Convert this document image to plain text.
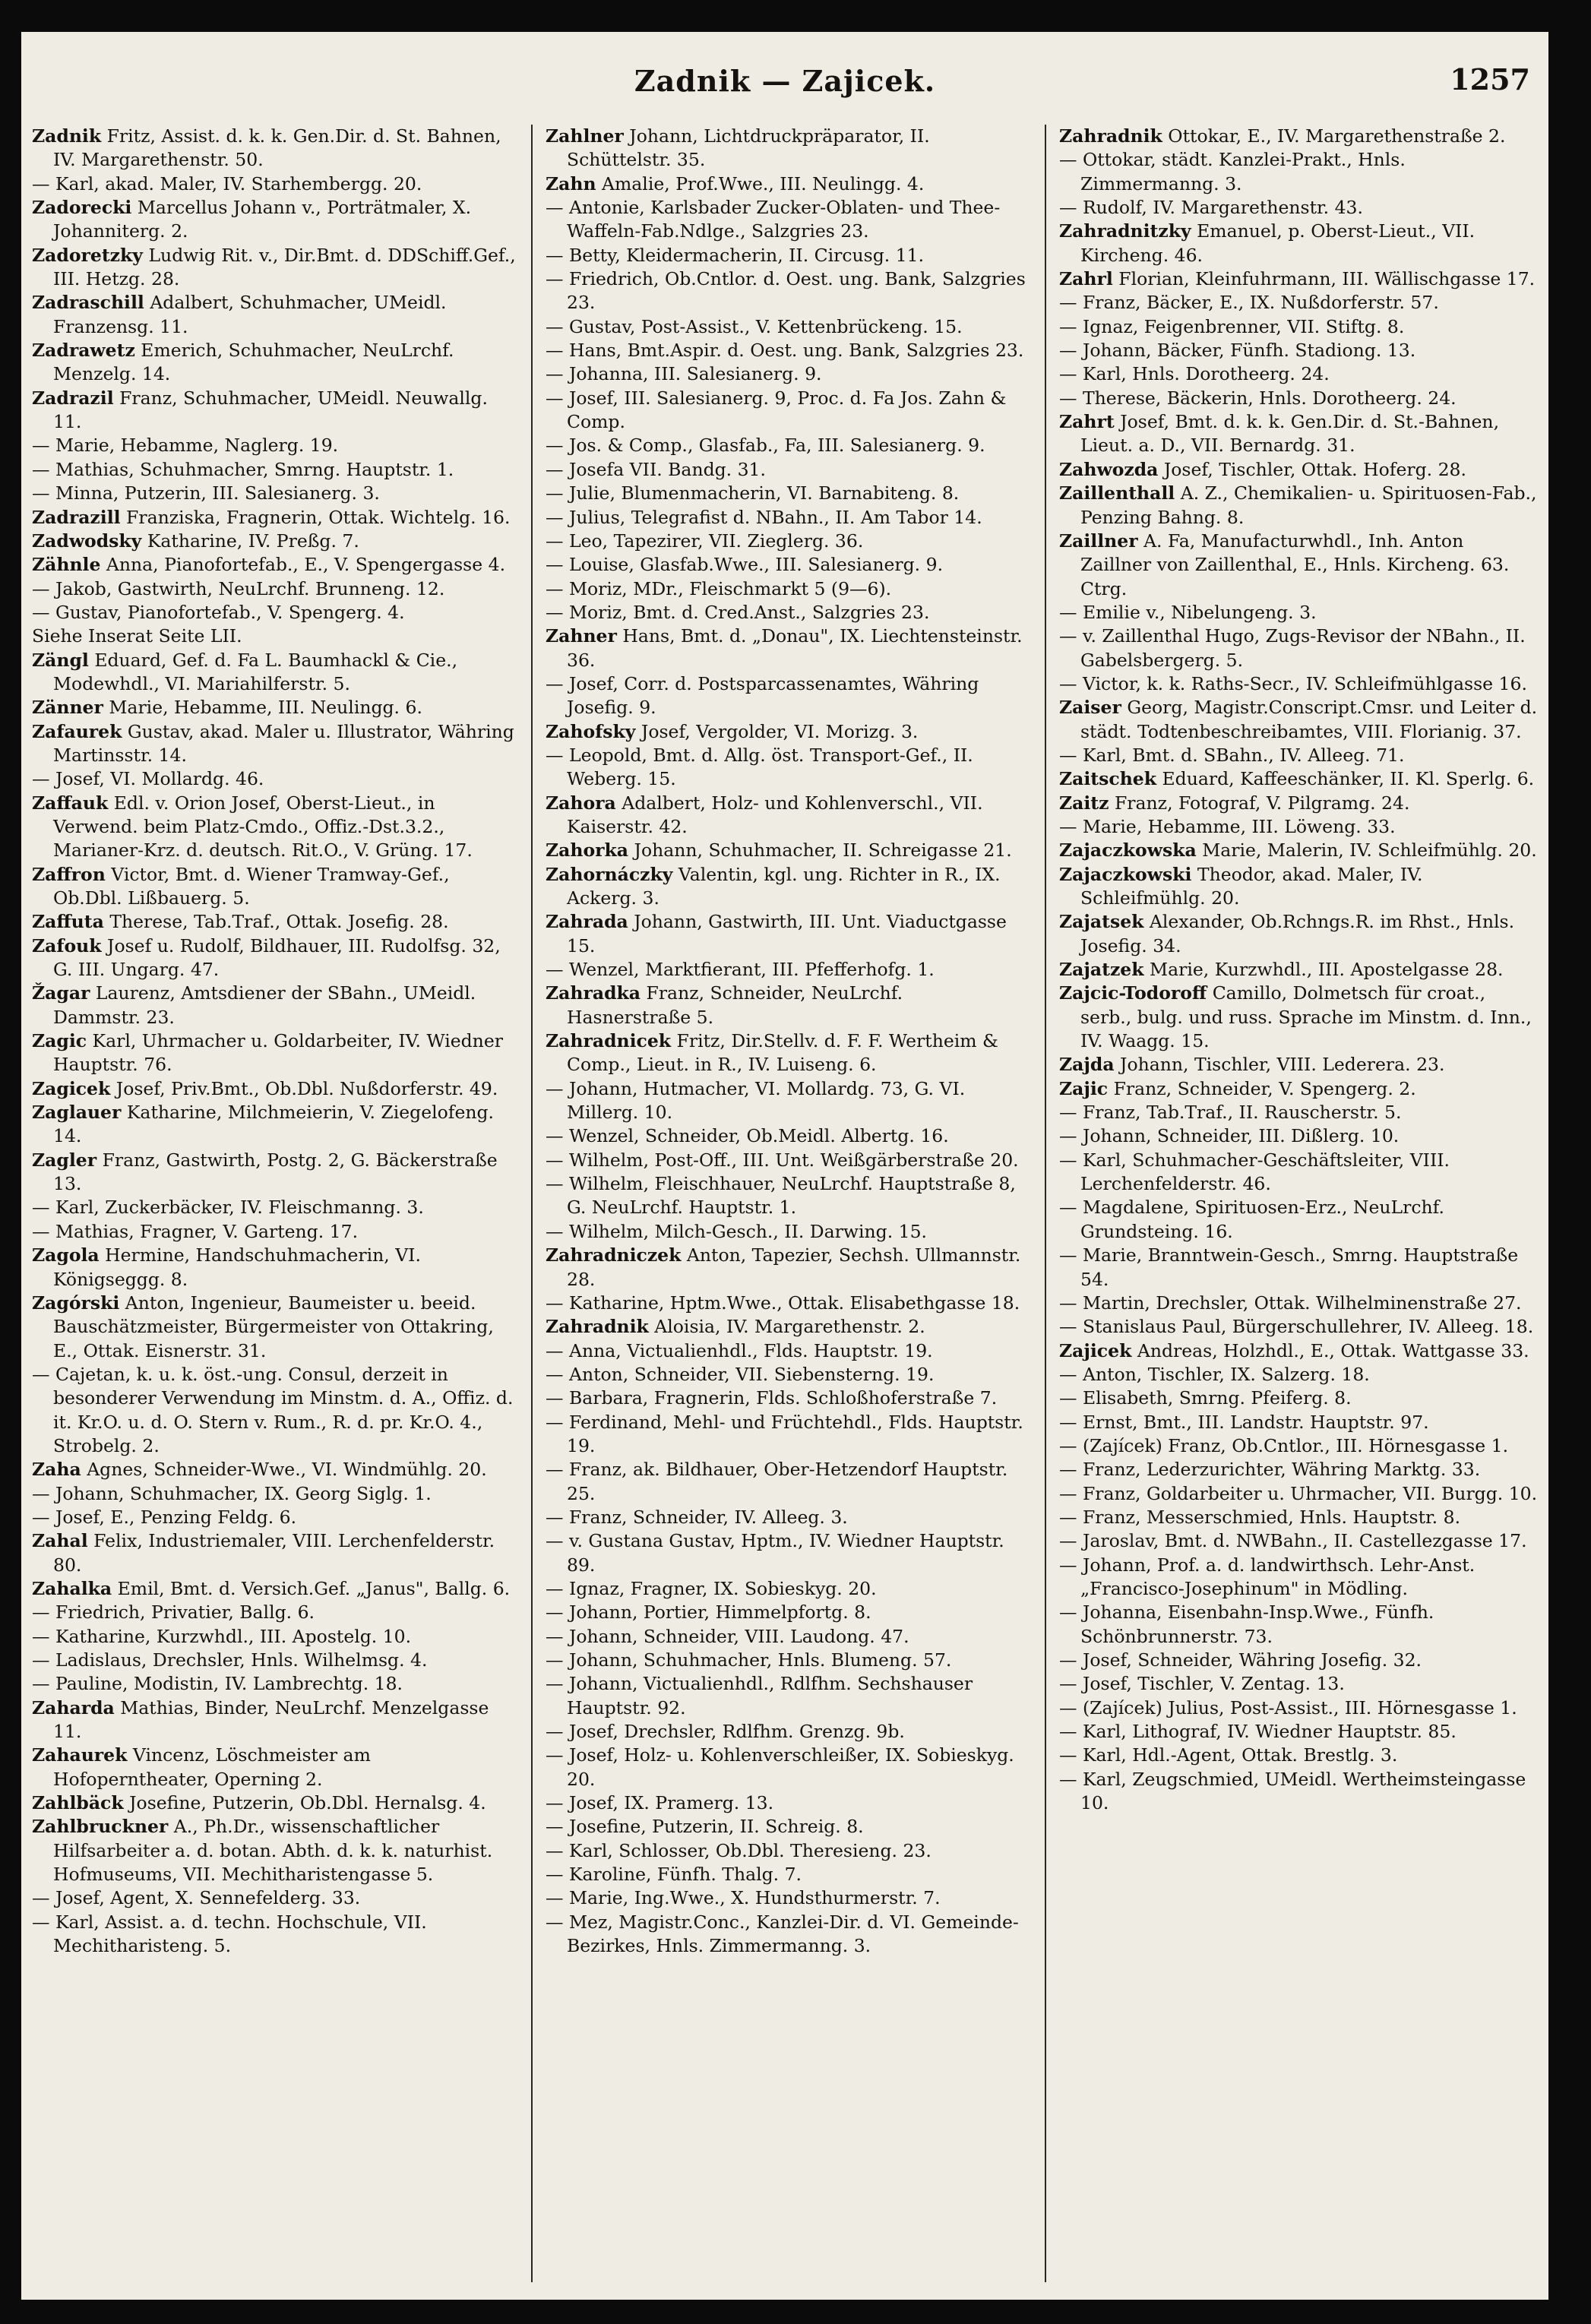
Zadnik — Zajicek.	1257

Zadnik Fritz, Assist. d. k. k. Gen.Dir. d. St. Bahnen, IV. Margarethenstr. 50.

— Karl, akad. Maler, IV. Starhembergg. 20.

Zadorecki Marcellus Johann v., Porträtmaler, X. Johanniterg. 2.

Zadoretzky Ludwig Rit. v., Dir.Bmt. d. DDSchiff.Gef., III. Hetzg. 28.

Zadraschill Adalbert, Schuhmacher, UMeidl. Franzensg. 11.

Zadrawetz Emerich, Schuhmacher, NeuLrchf. Menzelg. 14.

Zadrazil Franz, Schuhmacher, UMeidl. Neuwallg. 11.

— Marie, Hebamme, Naglerg. 19.

— Mathias, Schuhmacher, Smrng. Hauptstr. 1.

— Minna, Putzerin, III. Salesianerg. 3.

Zadrazill Franziska, Fragnerin, Ottak. Wichtelg. 16.

Zadwodsky Katharine, IV. Preßg. 7.

Zähnle Anna, Pianofortefab., E., V. Spengergasse 4.

— Jakob, Gastwirth, NeuLrchf. Brunneng. 12.

— Gustav, Pianofortefab., V. Spengerg. 4.

Siehe Inserat Seite LII.

Zängl Eduard, Gef. d. Fa L. Baumhackl & Cie., Modewhdl., VI. Mariahilferstr. 5.

Zänner Marie, Hebamme, III. Neulingg. 6.

Zafaurek Gustav, akad. Maler u. Illustrator, Währing Martinsstr. 14.

— Josef, VI. Mollardg. 46.

Zaffauk Edl. v. Orion Josef, Oberst-Lieut., in Verwend. beim Platz-Cmdo., Offiz.-Dst.3.2., Marianer-Krz. d. deutsch. Rit.O., V. Grüng. 17.

Zaffron Victor, Bmt. d. Wiener Tramway-Gef., Ob.Dbl. Lißbauerg. 5.

Zaffuta Therese, Tab.Traf., Ottak. Josefig. 28.

Zafouk Josef u. Rudolf, Bildhauer, III. Rudolfsg. 32, G. III. Ungarg. 47.

Žagar Laurenz, Amtsdiener der SBahn., UMeidl. Dammstr. 23.

Zagic Karl, Uhrmacher u. Goldarbeiter, IV. Wiedner Hauptstr. 76.

Zagicek Josef, Priv.Bmt., Ob.Dbl. Nußdorferstr. 49.

Zaglauer Katharine, Milchmeierin, V. Ziegelofeng. 14.

Zagler Franz, Gastwirth, Postg. 2, G. Bäckerstraße 13.

— Karl, Zuckerbäcker, IV. Fleischmanng. 3.

— Mathias, Fragner, V. Garteng. 17.

Zagola Hermine, Handschuhmacherin, VI. Königseggg. 8.

Zagórski Anton, Ingenieur, Baumeister u. beeid. Bauschätzmeister, Bürgermeister von Ottakring, E., Ottak. Eisnerstr. 31.

— Cajetan, k. u. k. öst.-ung. Consul, derzeit in besonderer Verwendung im Minstm. d. A., Offiz. d. it. Kr.O. u. d. O. Stern v. Rum., R. d. pr. Kr.O. 4., Strobelg. 2.

Zaha Agnes, Schneider-Wwe., VI. Windmühlg. 20.

— Johann, Schuhmacher, IX. Georg Siglg. 1.

— Josef, E., Penzing Feldg. 6.

Zahal Felix, Industriemaler, VIII. Lerchenfelderstr. 80.

Zahalka Emil, Bmt. d. Versich.Gef. „Janus", Ballg. 6.

— Friedrich, Privatier, Ballg. 6.

— Katharine, Kurzwhdl., III. Apostelg. 10.

— Ladislaus, Drechsler, Hnls. Wilhelmsg. 4.

— Pauline, Modistin, IV. Lambrechtg. 18.

Zaharda Mathias, Binder, NeuLrchf. Menzelgasse 11.

Zahaurek Vincenz, Löschmeister am Hofoperntheater, Operning 2.

Zahlbäck Josefine, Putzerin, Ob.Dbl. Hernalsg. 4.

Zahlbruckner A., Ph.Dr., wissenschaftlicher Hilfsarbeiter a. d. botan. Abth. d. k. k. naturhist. Hofmuseums, VII. Mechitharistengasse 5.

— Josef, Agent, X. Sennefelderg. 33.

— Karl, Assist. a. d. techn. Hochschule, VII. Mechitharisteng. 5.

Zahlner Johann, Lichtdruckpräparator, II. Schüttelstr. 35.

Zahn Amalie, Prof.Wwe., III. Neulingg. 4.

— Antonie, Karlsbader Zucker-Oblaten- und Thee-Waffeln-Fab.Ndlge., Salzgries 23.

— Betty, Kleidermacherin, II. Circusg. 11.

— Friedrich, Ob.Cntlor. d. Oest. ung. Bank, Salzgries 23.

— Gustav, Post-Assist., V. Kettenbrückeng. 15.

— Hans, Bmt.Aspir. d. Oest. ung. Bank, Salzgries 23.

— Johanna, III. Salesianerg. 9.

— Josef, III. Salesianerg. 9, Proc. d. Fa Jos. Zahn & Comp.

— Jos. & Comp., Glasfab., Fa, III. Salesianerg. 9.

— Josefa VII. Bandg. 31.

— Julie, Blumenmacherin, VI. Barnabiteng. 8.

— Julius, Telegrafist d. NBahn., II. Am Tabor 14.

— Leo, Tapezirer, VII. Zieglerg. 36.

— Louise, Glasfab.Wwe., III. Salesianerg. 9.

— Moriz, MDr., Fleischmarkt 5 (9—6).

— Moriz, Bmt. d. Cred.Anst., Salzgries 23.

Zahner Hans, Bmt. d. „Donau", IX. Liechtensteinstr. 36.

— Josef, Corr. d. Postsparcassenamtes, Währing Josefig. 9.

Zahofsky Josef, Vergolder, VI. Morizg. 3.

— Leopold, Bmt. d. Allg. öst. Transport-Gef., II. Weberg. 15.

Zahora Adalbert, Holz- und Kohlenverschl., VII. Kaiserstr. 42.

Zahorka Johann, Schuhmacher, II. Schreigasse 21.

Zahornáczky Valentin, kgl. ung. Richter in R., IX. Ackerg. 3.

Zahrada Johann, Gastwirth, III. Unt. Viaductgasse 15.

— Wenzel, Marktfierant, III. Pfefferhofg. 1.

Zahradka Franz, Schneider, NeuLrchf. Hasnerstraße 5.

Zahradnicek Fritz, Dir.Stellv. d. F. F. Wertheim & Comp., Lieut. in R., IV. Luiseng. 6.

— Johann, Hutmacher, VI. Mollardg. 73, G. VI. Millerg. 10.

— Wenzel, Schneider, Ob.Meidl. Albertg. 16.

— Wilhelm, Post-Off., III. Unt. Weißgärberstraße 20.

— Wilhelm, Fleischhauer, NeuLrchf. Hauptstraße 8, G. NeuLrchf. Hauptstr. 1.

— Wilhelm, Milch-Gesch., II. Darwing. 15.

Zahradniczek Anton, Tapezier, Sechsh. Ullmannstr. 28.

— Katharine, Hptm.Wwe., Ottak. Elisabethgasse 18.

Zahradnik Aloisia, IV. Margarethenstr. 2.

— Anna, Victualienhdl., Flds. Hauptstr. 19.

— Anton, Schneider, VII. Siebensterng. 19.

— Barbara, Fragnerin, Flds. Schloßhoferstraße 7.

— Ferdinand, Mehl- und Früchtehdl., Flds. Hauptstr. 19.

— Franz, ak. Bildhauer, Ober-Hetzendorf Hauptstr. 25.

— Franz, Schneider, IV. Alleeg. 3.

— v. Gustana Gustav, Hptm., IV. Wiedner Hauptstr. 89.

— Ignaz, Fragner, IX. Sobieskyg. 20.

— Johann, Portier, Himmelpfortg. 8.

— Johann, Schneider, VIII. Laudong. 47.

— Johann, Schuhmacher, Hnls. Blumeng. 57.

— Johann, Victualienhdl., Rdlfhm. Sechshauser Hauptstr. 92.

— Josef, Drechsler, Rdlfhm. Grenzg. 9b.

— Josef, Holz- u. Kohlenverschleißer, IX. Sobieskyg. 20.

— Josef, IX. Pramerg. 13.

— Josefine, Putzerin, II. Schreig. 8.

— Karl, Schlosser, Ob.Dbl. Theresieng. 23.

— Karoline, Fünfh. Thalg. 7.

— Marie, Ing.Wwe., X. Hundsthurmerstr. 7.

— Mez, Magistr.Conc., Kanzlei-Dir. d. VI. Gemeinde-Bezirkes, Hnls. Zimmermanng. 3.

Zahradnik Ottokar, E., IV. Margarethenstraße 2.

— Ottokar, städt. Kanzlei-Prakt., Hnls. Zimmermanng. 3.

— Rudolf, IV. Margarethenstr. 43.

Zahradnitzky Emanuel, p. Oberst-Lieut., VII. Kircheng. 46.

Zahrl Florian, Kleinfuhrmann, III. Wällischgasse 17.

— Franz, Bäcker, E., IX. Nußdorferstr. 57.

— Ignaz, Feigenbrenner, VII. Stiftg. 8.

— Johann, Bäcker, Fünfh. Stadiong. 13.

— Karl, Hnls. Dorotheerg. 24.

— Therese, Bäckerin, Hnls. Dorotheerg. 24.

Zahrt Josef, Bmt. d. k. k. Gen.Dir. d. St.-Bahnen, Lieut. a. D., VII. Bernardg. 31.

Zahwozda Josef, Tischler, Ottak. Hoferg. 28.

Zaillenthall A. Z., Chemikalien- u. Spirituosen-Fab., Penzing Bahng. 8.

Zaillner A. Fa, Manufacturwhdl., Inh. Anton Zaillner von Zaillenthal, E., Hnls. Kircheng. 63. Ctrg.

— Emilie v., Nibelungeng. 3.

— v. Zaillenthal Hugo, Zugs-Revisor der NBahn., II. Gabelsbergerg. 5.

— Victor, k. k. Raths-Secr., IV. Schleifmühlgasse 16.

Zaiser Georg, Magistr.Conscript.Cmsr. und Leiter d. städt. Todtenbeschreibamtes, VIII. Florianig. 37.

— Karl, Bmt. d. SBahn., IV. Alleeg. 71.

Zaitschek Eduard, Kaffeeschänker, II. Kl. Sperlg. 6.

Zaitz Franz, Fotograf, V. Pilgramg. 24.

— Marie, Hebamme, III. Löweng. 33.

Zajaczkowska Marie, Malerin, IV. Schleifmühlg. 20.

Zajaczkowski Theodor, akad. Maler, IV. Schleifmühlg. 20.

Zajatsek Alexander, Ob.Rchngs.R. im Rhst., Hnls. Josefig. 34.

Zajatzek Marie, Kurzwhdl., III. Apostelgasse 28.

Zajcic-Todoroff Camillo, Dolmetsch für croat., serb., bulg. und russ. Sprache im Minstm. d. Inn., IV. Waagg. 15.

Zajda Johann, Tischler, VIII. Lederera. 23.

Zajic Franz, Schneider, V. Spengerg. 2.

— Franz, Tab.Traf., II. Rauscherstr. 5.

— Johann, Schneider, III. Dißlerg. 10.

— Karl, Schuhmacher-Geschäftsleiter, VIII. Lerchenfelderstr. 46.

— Magdalene, Spirituosen-Erz., NeuLrchf. Grundsteing. 16.

— Marie, Branntwein-Gesch., Smrng. Hauptstraße 54.

— Martin, Drechsler, Ottak. Wilhelminenstraße 27.

— Stanislaus Paul, Bürgerschullehrer, IV. Alleeg. 18.

Zajicek Andreas, Holzhdl., E., Ottak. Wattgasse 33.

— Anton, Tischler, IX. Salzerg. 18.

— Elisabeth, Smrng. Pfeiferg. 8.

— Ernst, Bmt., III. Landstr. Hauptstr. 97.

— (Zajícek) Franz, Ob.Cntlor., III. Hörnesgasse 1.

— Franz, Lederzurichter, Währing Marktg. 33.

— Franz, Goldarbeiter u. Uhrmacher, VII. Burgg. 10.

— Franz, Messerschmied, Hnls. Hauptstr. 8.

— Jaroslav, Bmt. d. NWBahn., II. Castellezgasse 17.

— Johann, Prof. a. d. landwirthsch. Lehr-Anst. „Francisco-Josephinum" in Mödling.

— Johanna, Eisenbahn-Insp.Wwe., Fünfh. Schönbrunnerstr. 73.

— Josef, Schneider, Währing Josefig. 32.

— Josef, Tischler, V. Zentag. 13.

— (Zajícek) Julius, Post-Assist., III. Hörnesgasse 1.

— Karl, Lithograf, IV. Wiedner Hauptstr. 85.

— Karl, Hdl.-Agent, Ottak. Brestlg. 3.

— Karl, Zeugschmied, UMeidl. Wertheimsteingasse 10.
